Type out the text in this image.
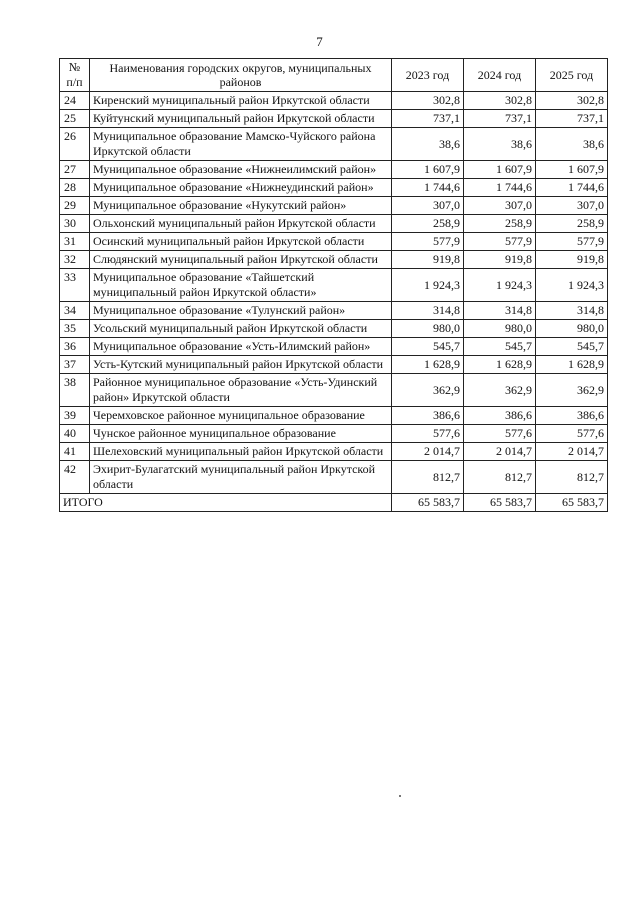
7
№ п/п	Наименования городских округов, муниципальных районов	2023 год	2024 год	2025 год
24	Киренский муниципальный район Иркутской области	302,8	302,8	302,8
25	Куйтунский муниципальный район Иркутской области	737,1	737,1	737,1
26	Муниципальное образование Мамско-Чуйского района Иркутской области	38,6	38,6	38,6
27	Муниципальное образование «Нижнеилимский район»	1 607,9	1 607,9	1 607,9
28	Муниципальное образование «Нижнеудинский район»	1 744,6	1 744,6	1 744,6
29	Муниципальное образование «Нукутский район»	307,0	307,0	307,0
30	Ольхонский муниципальный район Иркутской области	258,9	258,9	258,9
31	Осинский муниципальный район Иркутской области	577,9	577,9	577,9
32	Слюдянский муниципальный район Иркутской области	919,8	919,8	919,8
33	Муниципальное образование «Тайшетский муниципальный район Иркутской области»	1 924,3	1 924,3	1 924,3
34	Муниципальное образование «Тулунский район»	314,8	314,8	314,8
35	Усольский муниципальный район Иркутской области	980,0	980,0	980,0
36	Муниципальное образование «Усть-Илимский район»	545,7	545,7	545,7
37	Усть-Кутский муниципальный район Иркутской области	1 628,9	1 628,9	1 628,9
38	Районное муниципальное образование «Усть-Удинский район» Иркутской области	362,9	362,9	362,9
39	Черемховское районное муниципальное образование	386,6	386,6	386,6
40	Чунское районное муниципальное образование	577,6	577,6	577,6
41	Шелеховский муниципальный район Иркутской области	2 014,7	2 014,7	2 014,7
42	Эхирит-Булагатский муниципальный район Иркутской области	812,7	812,7	812,7
ИТОГО		65 583,7	65 583,7	65 583,7
